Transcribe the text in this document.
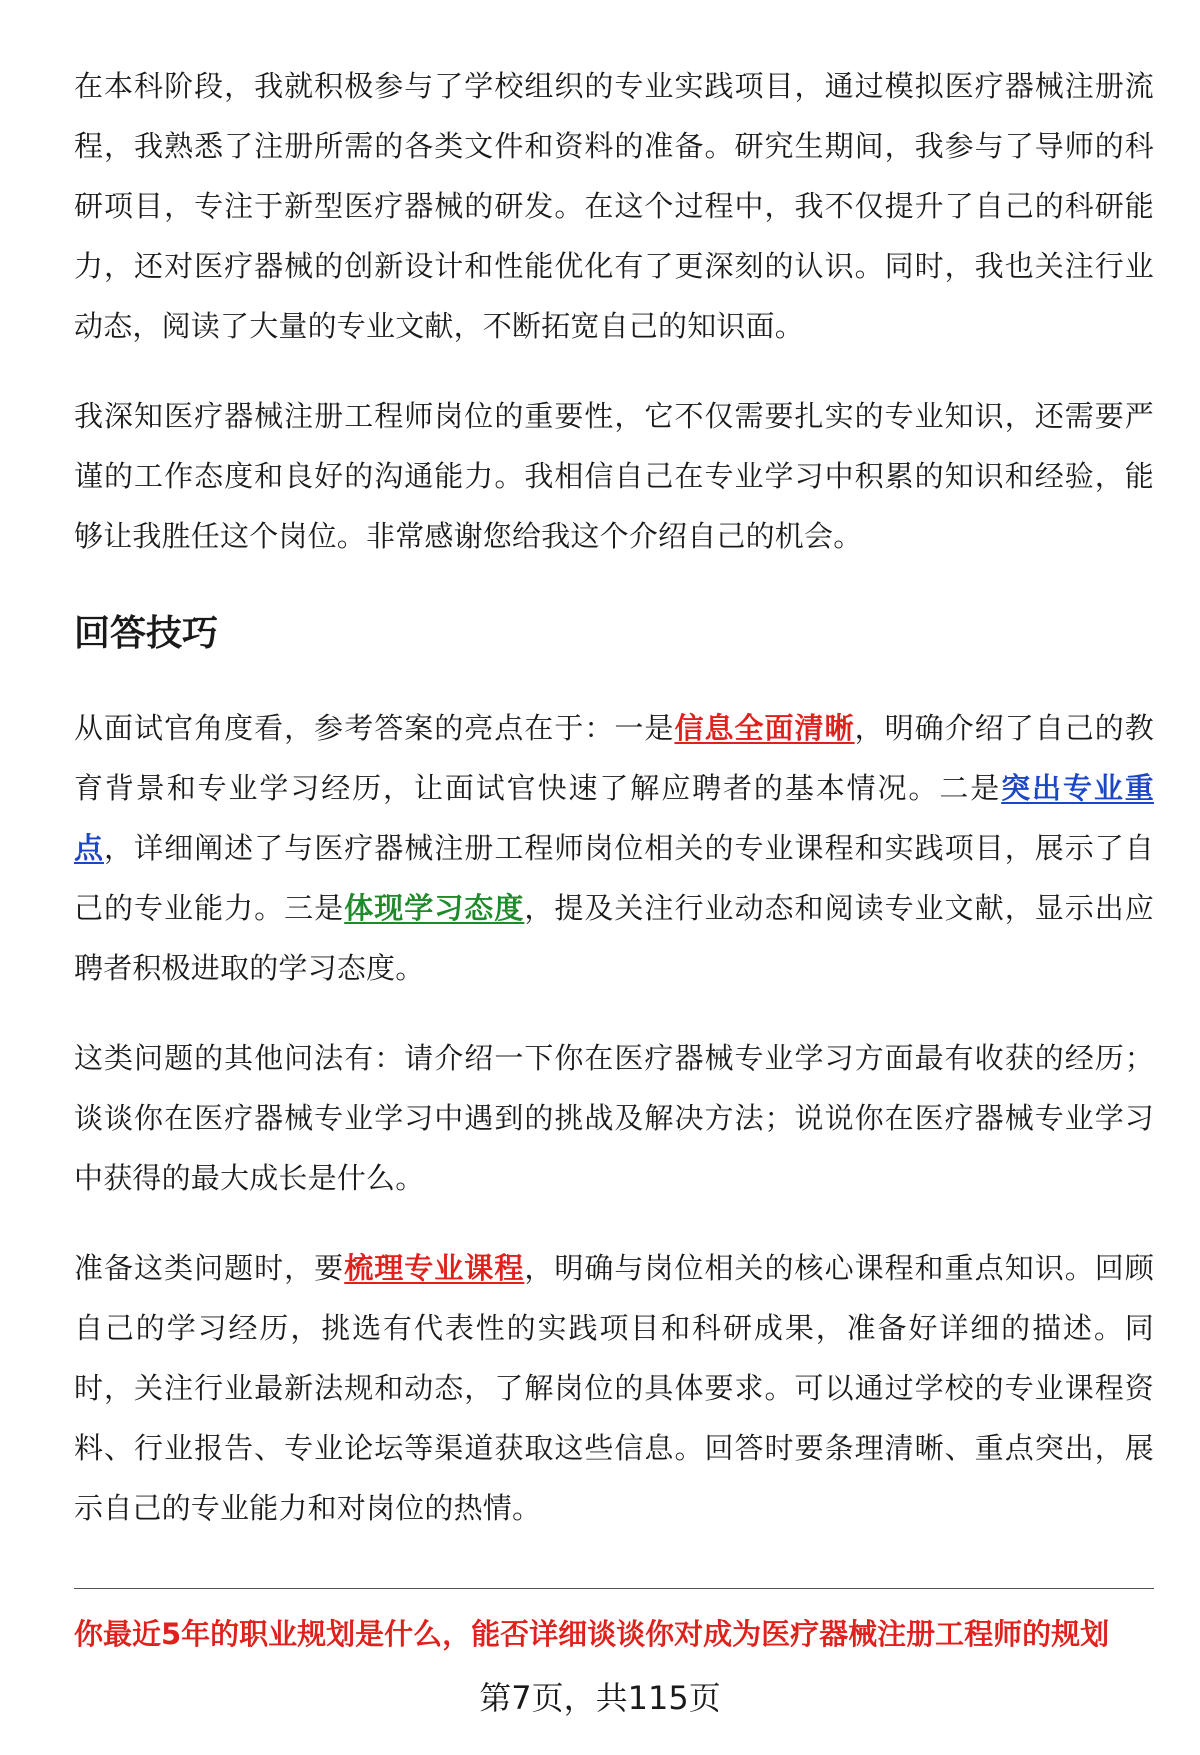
在本科阶段，我就积极参与了学校组织的专业实践项目，通过模拟医疗器械注册流程，我熟悉了注册所需的各类文件和资料的准备。研究生期间，我参与了导师的科研项目，专注于新型医疗器械的研发。在这个过程中，我不仅提升了自己的科研能力，还对医疗器械的创新设计和性能优化有了更深刻的认识。同时，我也关注行业动态，阅读了大量的专业文献，不断拓宽自己的知识面。

我深知医疗器械注册工程师岗位的重要性，它不仅需要扎实的专业知识，还需要严谨的工作态度和良好的沟通能力。我相信自己在专业学习中积累的知识和经验，能够让我胜任这个岗位。非常感谢您给我这个介绍自己的机会。

回答技巧

从面试官角度看，参考答案的亮点在于：一是信息全面清晰，明确介绍了自己的教育背景和专业学习经历，让面试官快速了解应聘者的基本情况。二是突出专业重点，详细阐述了与医疗器械注册工程师岗位相关的专业课程和实践项目，展示了自己的专业能力。三是体现学习态度，提及关注行业动态和阅读专业文献，显示出应聘者积极进取的学习态度。

这类问题的其他问法有：请介绍一下你在医疗器械专业学习方面最有收获的经历；谈谈你在医疗器械专业学习中遇到的挑战及解决方法；说说你在医疗器械专业学习中获得的最大成长是什么。

准备这类问题时，要梳理专业课程，明确与岗位相关的核心课程和重点知识。回顾自己的学习经历，挑选有代表性的实践项目和科研成果，准备好详细的描述。同时，关注行业最新法规和动态，了解岗位的具体要求。可以通过学校的专业课程资料、行业报告、专业论坛等渠道获取这些信息。回答时要条理清晰、重点突出，展示自己的专业能力和对岗位的热情。

你最近5年的职业规划是什么，能否详细谈谈你对成为医疗器械注册工程师的规划
第7页，共115页
